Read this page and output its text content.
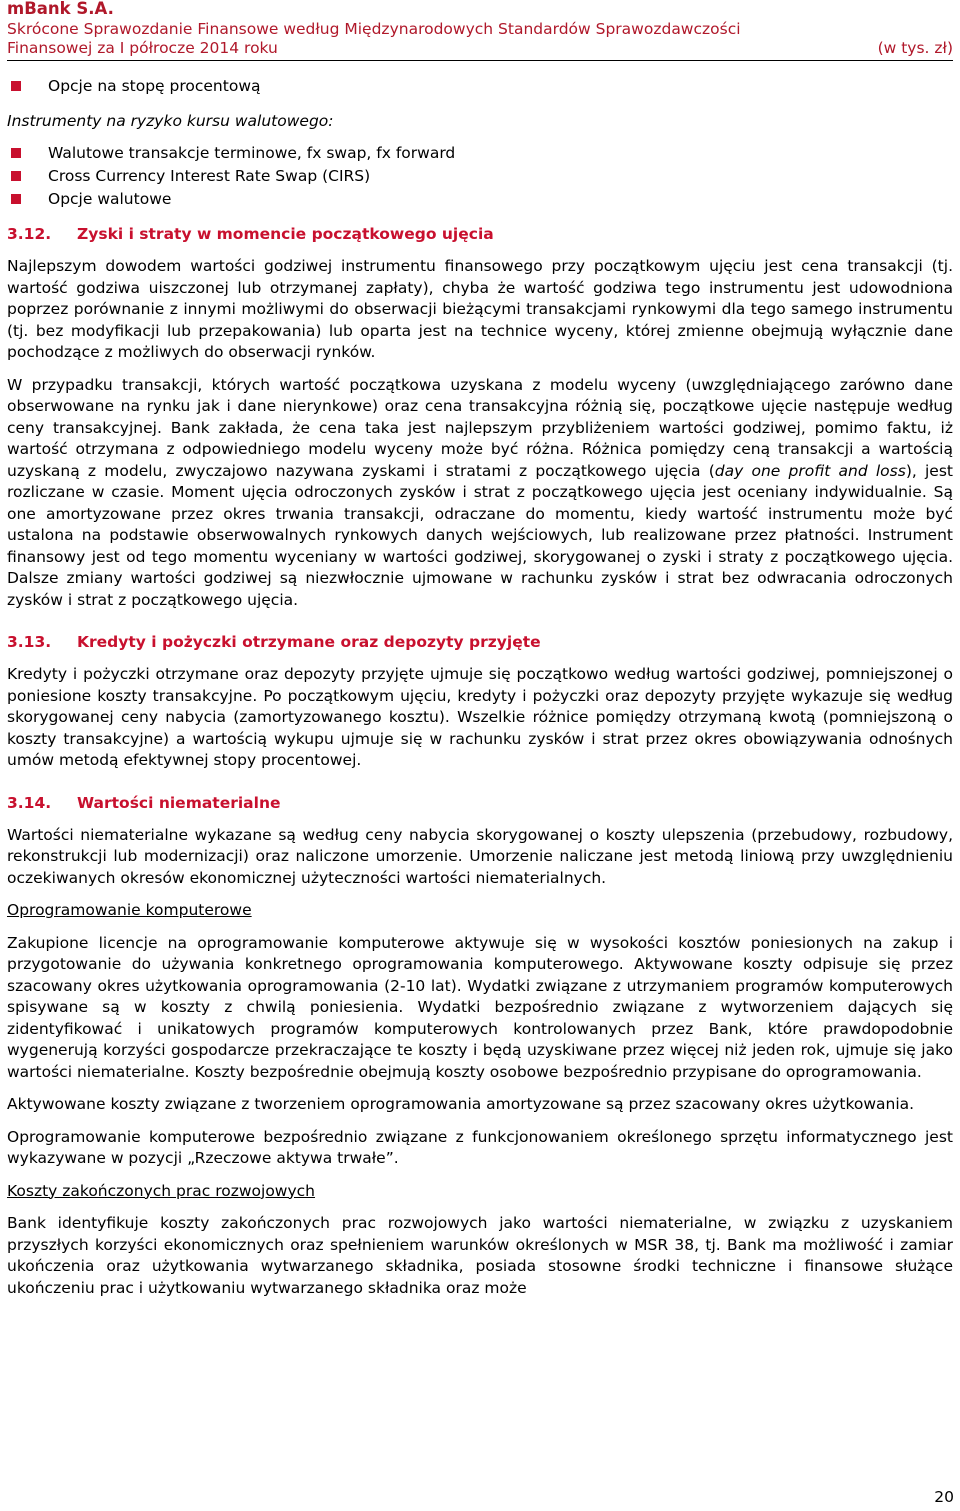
mBank S.A.
Skrócone Sprawozdanie Finansowe według Międzynarodowych Standardów Sprawozdawczości
Finansowej za I półrocze 2014 roku	(w tys. zł)
Opcje na stopę procentową
Instrumenty na ryzyko kursu walutowego:
Walutowe transakcje terminowe, fx swap, fx forward
Cross Currency Interest Rate Swap (CIRS)
Opcje walutowe
3.12. Zyski i straty w momencie początkowego ujęcia

Najlepszym dowodem wartości godziwej instrumentu finansowego przy początkowym ujęciu jest cena transakcji (tj. wartość godziwa uiszczonej lub otrzymanej zapłaty), chyba że wartość godziwa tego instrumentu jest udowodniona poprzez porównanie z innymi możliwymi do obserwacji bieżącymi transakcjami rynkowymi dla tego samego instrumentu (tj. bez modyfikacji lub przepakowania) lub oparta jest na technice wyceny, której zmienne obejmują wyłącznie dane pochodzące z możliwych do obserwacji rynków.

W przypadku transakcji, których wartość początkowa uzyskana z modelu wyceny (uwzględniającego zarówno dane obserwowane na rynku jak i dane nierynkowe) oraz cena transakcyjna różnią się, początkowe ujęcie następuje według ceny transakcyjnej. Bank zakłada, że cena taka jest najlepszym przybliżeniem wartości godziwej, pomimo faktu, iż wartość otrzymana z odpowiedniego modelu wyceny może być różna. Różnica pomiędzy ceną transakcji a wartością uzyskaną z modelu, zwyczajowo nazywana zyskami i stratami z początkowego ujęcia (day one profit and loss), jest rozliczane w czasie. Moment ujęcia odroczonych zysków i strat z początkowego ujęcia jest oceniany indywidualnie. Są one amortyzowane przez okres trwania transakcji, odraczane do momentu, kiedy wartość instrumentu może być ustalona na podstawie obserwowalnych rynkowych danych wejściowych, lub realizowane przez płatności. Instrument finansowy jest od tego momentu wyceniany w wartości godziwej, skorygowanej o zyski i straty z początkowego ujęcia. Dalsze zmiany wartości godziwej są niezwłocznie ujmowane w rachunku zysków i strat bez odwracania odroczonych zysków i strat z początkowego ujęcia.

3.13. Kredyty i pożyczki otrzymane oraz depozyty przyjęte

Kredyty i pożyczki otrzymane oraz depozyty przyjęte ujmuje się początkowo według wartości godziwej, pomniejszonej o poniesione koszty transakcyjne. Po początkowym ujęciu, kredyty i pożyczki oraz depozyty przyjęte wykazuje się według skorygowanej ceny nabycia (zamortyzowanego kosztu). Wszelkie różnice pomiędzy otrzymaną kwotą (pomniejszoną o koszty transakcyjne) a wartością wykupu ujmuje się w rachunku zysków i strat przez okres obowiązywania odnośnych umów metodą efektywnej stopy procentowej.

3.14. Wartości niematerialne

Wartości niematerialne wykazane są według ceny nabycia skorygowanej o koszty ulepszenia (przebudowy, rozbudowy, rekonstrukcji lub modernizacji) oraz naliczone umorzenie. Umorzenie naliczane jest metodą liniową przy uwzględnieniu oczekiwanych okresów ekonomicznej użyteczności wartości niematerialnych.

Oprogramowanie komputerowe

Zakupione licencje na oprogramowanie komputerowe aktywuje się w wysokości kosztów poniesionych na zakup i przygotowanie do używania konkretnego oprogramowania komputerowego. Aktywowane koszty odpisuje się przez szacowany okres użytkowania oprogramowania (2-10 lat). Wydatki związane z utrzymaniem programów komputerowych spisywane są w koszty z chwilą poniesienia. Wydatki bezpośrednio związane z wytworzeniem dających się zidentyfikować i unikatowych programów komputerowych kontrolowanych przez Bank, które prawdopodobnie wygenerują korzyści gospodarcze przekraczające te koszty i będą uzyskiwane przez więcej niż jeden rok, ujmuje się jako wartości niematerialne. Koszty bezpośrednie obejmują koszty osobowe bezpośrednio przypisane do oprogramowania.

Aktywowane koszty związane z tworzeniem oprogramowania amortyzowane są przez szacowany okres użytkowania.

Oprogramowanie komputerowe bezpośrednio związane z funkcjonowaniem określonego sprzętu informatycznego jest wykazywane w pozycji „Rzeczowe aktywa trwałe”.

Koszty zakończonych prac rozwojowych

Bank identyfikuje koszty zakończonych prac rozwojowych jako wartości niematerialne, w związku z uzyskaniem przyszłych korzyści ekonomicznych oraz spełnieniem warunków określonych w MSR 38, tj. Bank ma możliwość i zamiar ukończenia oraz użytkowania wytwarzanego składnika, posiada stosowne środki techniczne i finansowe służące ukończeniu prac i użytkowaniu wytwarzanego składnika oraz może

20
